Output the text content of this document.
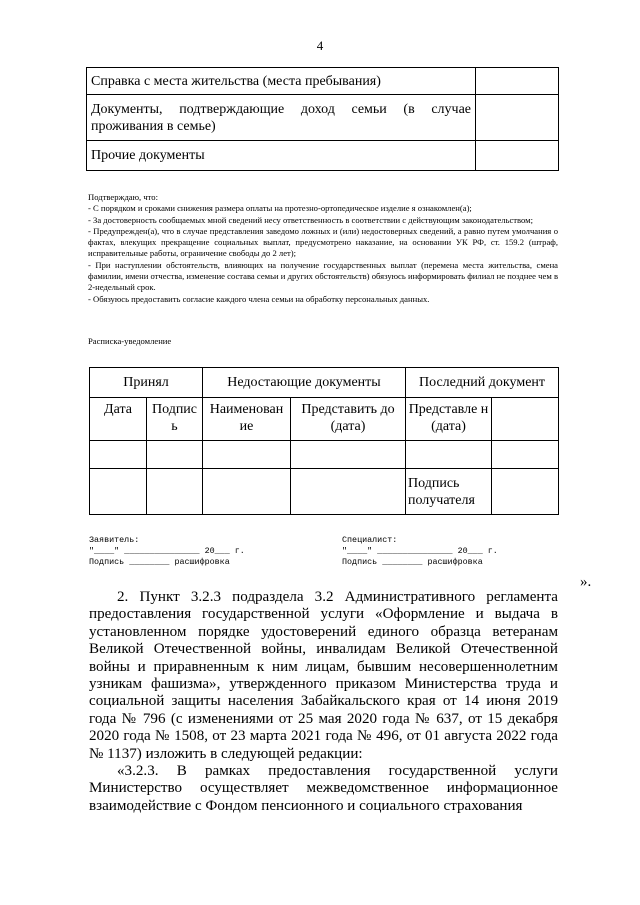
4
Справка с места жительства (места пребывания)	
Документы, подтверждающие доход семьи (в случае проживания в семье)	
Прочие документы	

Подтверждаю, что:

- С порядком и сроками снижения размера оплаты на протезно-ортопедическое изделие я ознакомлен(а);

- За достоверность сообщаемых мной сведений несу ответственность в соответствии с действующим законодательством;

- Предупрежден(а), что в случае представления заведомо ложных и (или) недостоверных сведений, а равно путем умолчания о фактах, влекущих прекращение социальных выплат, предусмотрено наказание, на основании УК РФ, ст. 159.2 (штраф, исправительные работы, ограничение свободы до 2 лет);

- При наступлении обстоятельств, влияющих на получение государственных выплат (перемена места жительства, смена фамилии, имени отчества, изменение состава семьи и других обстоятельств) обязуюсь информировать филиал не позднее чем в 2-недельный срок.

- Обязуюсь предоставить согласие каждого члена семьи на обработку персональных данных.

Расписка-уведомление
Принял		Недостающие документы		Последний документ	
Дата	Подпис ь	Наименован ие	Представить до (дата)	Представле н (дата)	

				Подпись получателя	
Заявитель:
"____" _______________ 20___ г.
Подпись ________ расшифровка
Специалист:
"____" _______________ 20___ г.
Подпись ________ расшифровка
».

2. Пункт 3.2.3 подраздела 3.2 Административного регламента предоставления государственной услуги «Оформление и выдача в установленном порядке удостоверений единого образца ветеранам Великой Отечественной войны, инвалидам Великой Отечественной войны и приравненным к ним лицам, бывшим несовершеннолетним узникам фашизма», утвержденного приказом Министерства труда и социальной защиты населения Забайкальского края от 14 июня 2019 года № 796 (с изменениями от 25 мая 2020 года № 637, от 15 декабря 2020 года № 1508, от 23 марта 2021 года № 496, от 01 августа 2022 года № 1137) изложить в следующей редакции:

«3.2.3. В рамках предоставления государственной услуги Министерство осуществляет межведомственное информационное взаимодействие с Фондом пенсионного и социального страхования
